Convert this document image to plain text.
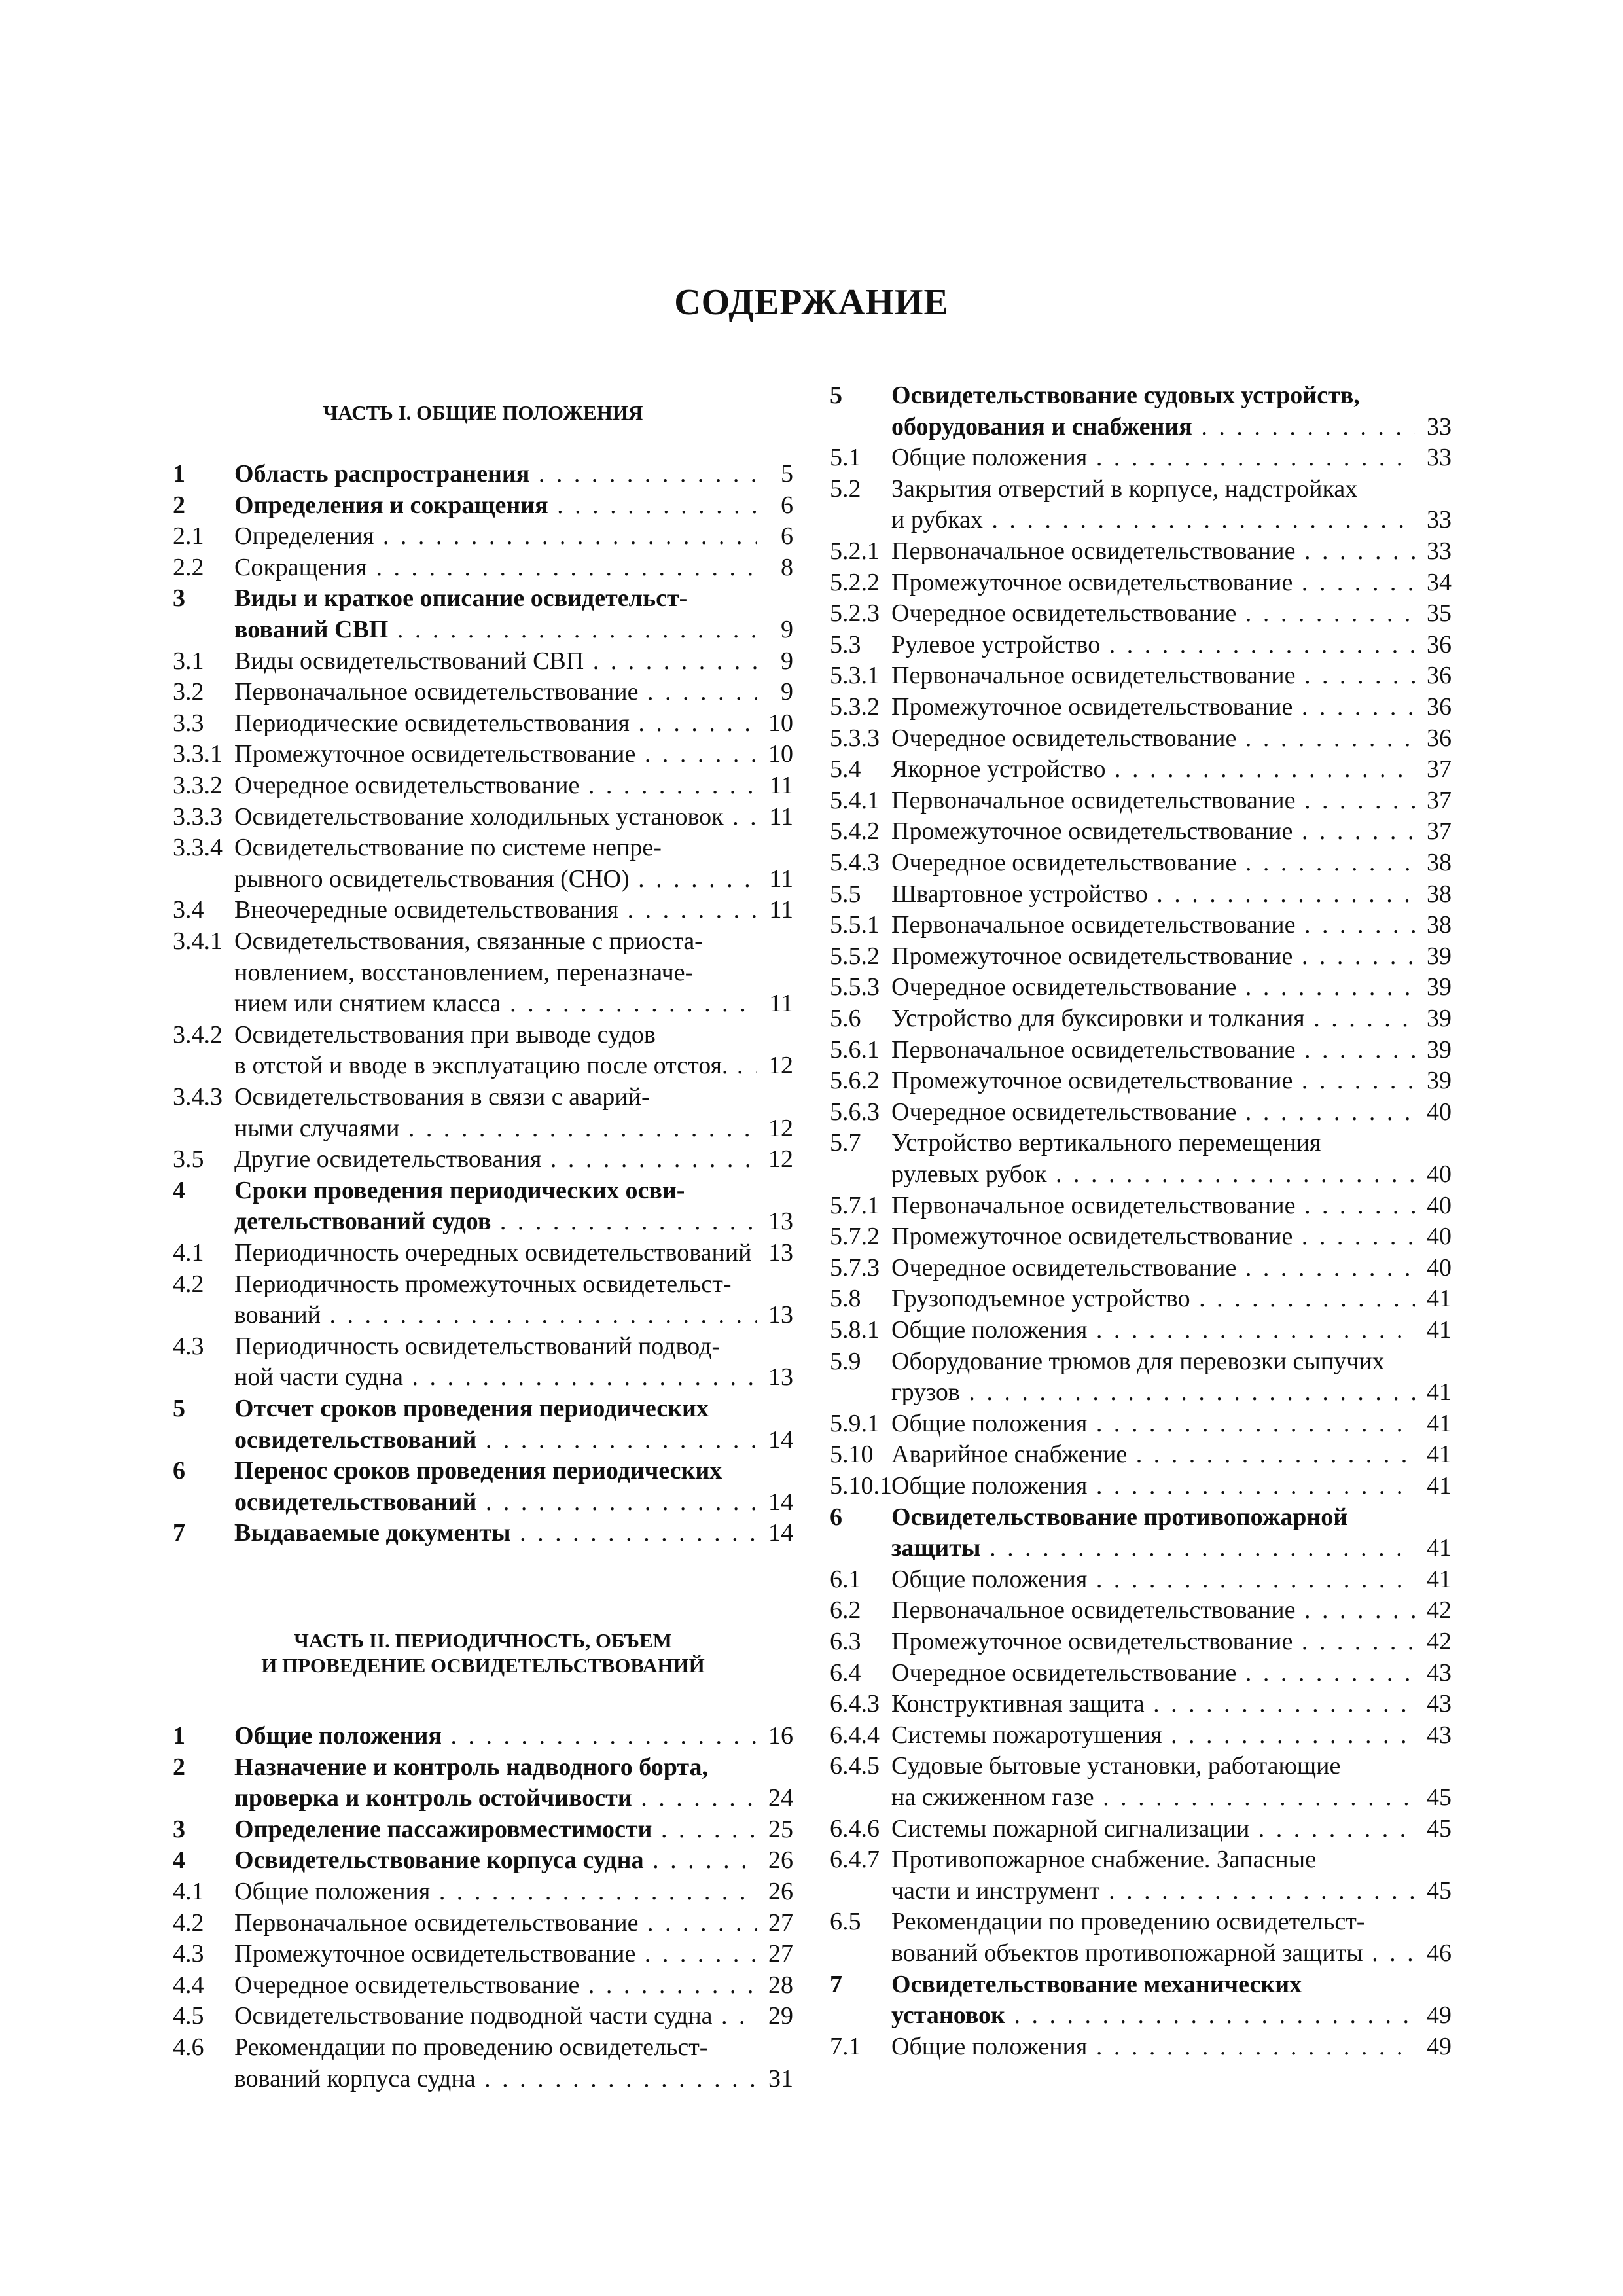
СОДЕРЖАНИЕ
ЧАСТЬ I. ОБЩИЕ ПОЛОЖЕНИЯ
1 Область распространения . . .	5
2 Определения и сокращения . . .	6
2.1 Определения . . .	6
2.2 Сокращения . . .	8
3 Виды и краткое описание освидетельст-
вований СВП . . .	9
3.1 Виды освидетельствований СВП . . .	9
3.2 Первоначальное освидетельствование . . .	9
3.3 Периодические освидетельствования . . .	10
3.3.1 Промежуточное освидетельствование . . .	10
3.3.2 Очередное освидетельствование . . .	11
3.3.3 Освидетельствование холодильных установок . . .	11
3.3.4 Освидетельствование по системе непре-
рывного освидетельствования (СНО) . . .	11
3.4 Внеочередные освидетельствования . . .	11
3.4.1 Освидетельствования, связанные с приоста-
новлением, восстановлением, переназначе-
нием или снятием класса . . .	11
3.4.2 Освидетельствования при выводе судов
в отстой и вводе в эксплуатацию после отстоя. . . .	12
3.4.3 Освидетельствования в связи с аварий-
ными случаями . . .	12
3.5 Другие освидетельствования . . .	12
4 Сроки проведения периодических осви-
детельствований судов . . .	13
4.1 Периодичность очередных освидетельствований . . . 13
4.2 Периодичность промежуточных освидетельст-
вований . . .	13
4.3 Периодичность освидетельствований подвод-
ной части судна . . .	13
5 Отсчет сроков проведения периодических
освидетельствований . . .	14
6 Перенос сроков проведения периодических
освидетельствований . . .	14
7 Выдаваемые документы . . .	14
ЧАСТЬ II. ПЕРИОДИЧНОСТЬ, ОБЪЕМ
И ПРОВЕДЕНИЕ ОСВИДЕТЕЛЬСТВОВАНИЙ
1 Общие положения . . .	16
2 Назначение и контроль надводного борта,
проверка и контроль остойчивости . . .	24
3 Определение пассажировместимости . . .	25
4 Освидетельствование корпуса судна . . .	26
4.1 Общие положения . . .	26
4.2 Первоначальное освидетельствование . . .	27
4.3 Промежуточное освидетельствование . . .	27
4.4 Очередное освидетельствование . . .	28
4.5 Освидетельствование подводной части судна . . .	29
4.6 Рекомендации по проведению освидетельст-
вований корпуса судна . . .	31
5 Освидетельствование судовых устройств,
оборудования и снабжения . . .	33
5.1 Общие положения . . .	33
5.2 Закрытия отверстий в корпусе, надстройках
и рубках . . .	33
5.2.1 Первоначальное освидетельствование . . .	33
5.2.2 Промежуточное освидетельствование . . .	34
5.2.3 Очередное освидетельствование . . .	35
5.3 Рулевое устройство . . .	36
5.3.1 Первоначальное освидетельствование . . .	36
5.3.2 Промежуточное освидетельствование . . .	36
5.3.3 Очередное освидетельствование . . .	36
5.4 Якорное устройство . . .	37
5.4.1 Первоначальное освидетельствование . . .	37
5.4.2 Промежуточное освидетельствование . . .	37
5.4.3 Очередное освидетельствование . . .	38
5.5 Швартовное устройство . . .	38
5.5.1 Первоначальное освидетельствование . . .	38
5.5.2 Промежуточное освидетельствование . . .	39
5.5.3 Очередное освидетельствование . . .	39
5.6 Устройство для буксировки и толкания . . .	39
5.6.1 Первоначальное освидетельствование . . .	39
5.6.2 Промежуточное освидетельствование . . .	39
5.6.3 Очередное освидетельствование . . .	40
5.7 Устройство вертикального перемещения
рулевых рубок . . .	40
5.7.1 Первоначальное освидетельствование . . .	40
5.7.2 Промежуточное освидетельствование . . .	40
5.7.3 Очередное освидетельствование . . .	40
5.8 Грузоподъемное устройство . . .	41
5.8.1 Общие положения . . .	41
5.9 Оборудование трюмов для перевозки сыпучих
грузов . . .	41
5.9.1 Общие положения . . .	41
5.10 Аварийное снабжение . . .	41
5.10.1 Общие положения . . .	41
6 Освидетельствование противопожарной
защиты . . .	41
6.1 Общие положения . . .	41
6.2 Первоначальное освидетельствование . . .	42
6.3 Промежуточное освидетельствование . . .	42
6.4 Очередное освидетельствование . . .	43
6.4.3 Конструктивная защита . . .	43
6.4.4 Системы пожаротушения . . .	43
6.4.5 Судовые бытовые установки, работающие
на сжиженном газе . . .	45
6.4.6 Системы пожарной сигнализации . . .	45
6.4.7 Противопожарное снабжение. Запасные
части и инструмент . . .	45
6.5 Рекомендации по проведению освидетельст-
вований объектов противопожарной защиты . . .	46
7 Освидетельствование механических
установок . . .	49
7.1 Общие положения . . .	49
